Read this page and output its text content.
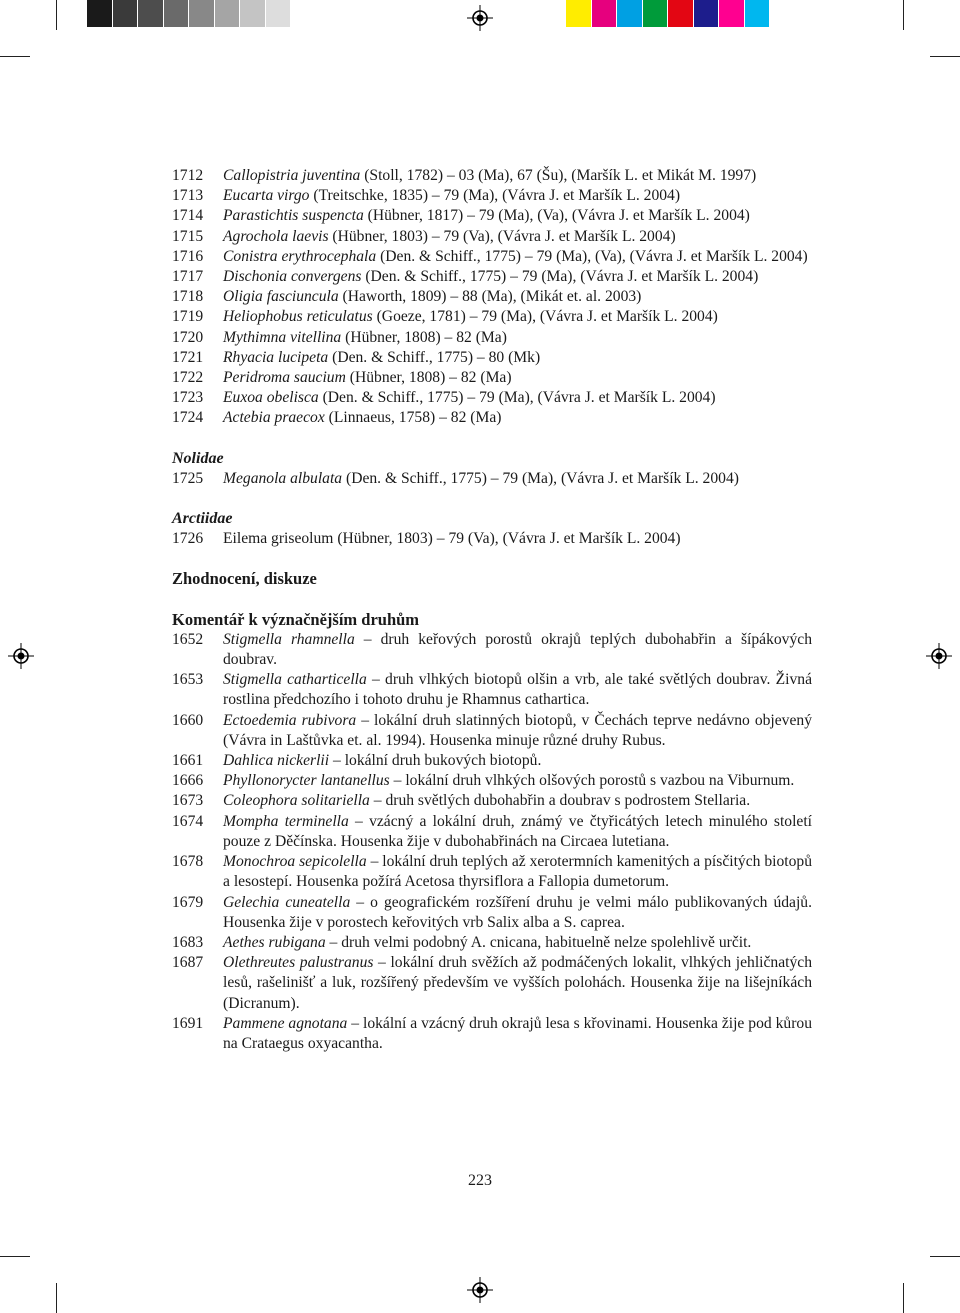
1712	Callopistria juventina (Stoll, 1782) – 03 (Ma), 67 (Šu), (Maršík L. et Mikát M. 1997)
1713	Eucarta virgo (Treitschke, 1835) – 79 (Ma), (Vávra J. et Maršík L. 2004)
1714	Parastichtis suspencta (Hübner, 1817) – 79 (Ma), (Va), (Vávra J. et Maršík L. 2004)
1715	Agrochola laevis (Hübner, 1803) – 79 (Va), (Vávra J. et Maršík L. 2004)
1716	Conistra erythrocephala (Den. & Schiff., 1775) – 79 (Ma), (Va), (Vávra J. et Maršík L. 2004)
1717	Dischonia convergens (Den. & Schiff., 1775) – 79 (Ma), (Vávra J. et Maršík L. 2004)
1718	Oligia fasciuncula (Haworth, 1809) – 88 (Ma), (Mikát et. al. 2003)
1719	Heliophobus reticulatus (Goeze, 1781) – 79 (Ma), (Vávra J. et Maršík L. 2004)
1720	Mythimna vitellina (Hübner, 1808) – 82 (Ma)
1721	Rhyacia lucipeta (Den. & Schiff., 1775) – 80 (Mk)
1722	Peridroma saucium (Hübner, 1808) – 82 (Ma)
1723	Euxoa obelisca (Den. & Schiff., 1775) – 79 (Ma), (Vávra J. et Maršík L. 2004)
1724	Actebia praecox (Linnaeus, 1758) – 82 (Ma)
Nolidae
1725	Meganola albulata (Den. & Schiff., 1775) – 79 (Ma), (Vávra J. et Maršík L. 2004)
Arctiidae
1726	Eilema griseolum (Hübner, 1803) – 79 (Va), (Vávra J. et Maršík L. 2004)
Zhodnocení, diskuze
Komentář k význačnějším druhům
1652	Stigmella rhamnella – druh keřových porostů okrajů teplých dubohabřin a šípákových doubrav.
1653	Stigmella catharticella – druh vlhkých biotopů olšin a vrb, ale také světlých doubrav. Živná rostlina předchozího i tohoto druhu je Rhamnus cathartica.
1660	Ectoedemia rubivora – lokální druh slatinných biotopů, v Čechách teprve nedávno objevený (Vávra in Laštůvka et. al. 1994). Housenka minuje různé druhy Rubus.
1661	Dahlica nickerlii – lokální druh bukových biotopů.
1666	Phyllonorycter lantanellus – lokální druh vlhkých olšových porostů s vazbou na Viburnum.
1673	Coleophora solitariella – druh světlých dubohabřin a doubrav s podrostem Stellaria.
1674	Mompha terminella – vzácný a lokální druh, známý ve čtyřicátých letech minulého století pouze z Děčínska. Housenka žije v dubohabřinách na Circaea lutetiana.
1678	Monochroa sepicolella – lokální druh teplých až xerotermních kamenitých a písčitých biotopů a lesostepí. Housenka požírá Acetosa thyrsiflora a Fallopia dumetorum.
1679	Gelechia cuneatella – o geografickém rozšíření druhu je velmi málo publikovaných údajů. Housenka žije v porostech keřovitých vrb Salix alba a S. caprea.
1683	Aethes rubigana – druh velmi podobný A. cnicana, habituelně nelze spolehlivě určit.
1687	Olethreutes palustranus – lokální druh svěžích až podmáčených lokalit, vlhkých jehličnatých lesů, rašelinišť a luk, rozšířený především ve vyšších polohách. Housenka žije na lišejníkách (Dicranum).
1691	Pammene agnotana – lokální a vzácný druh okrajů lesa s křovinami. Housenka žije pod kůrou na Crataegus oxyacantha.
223
